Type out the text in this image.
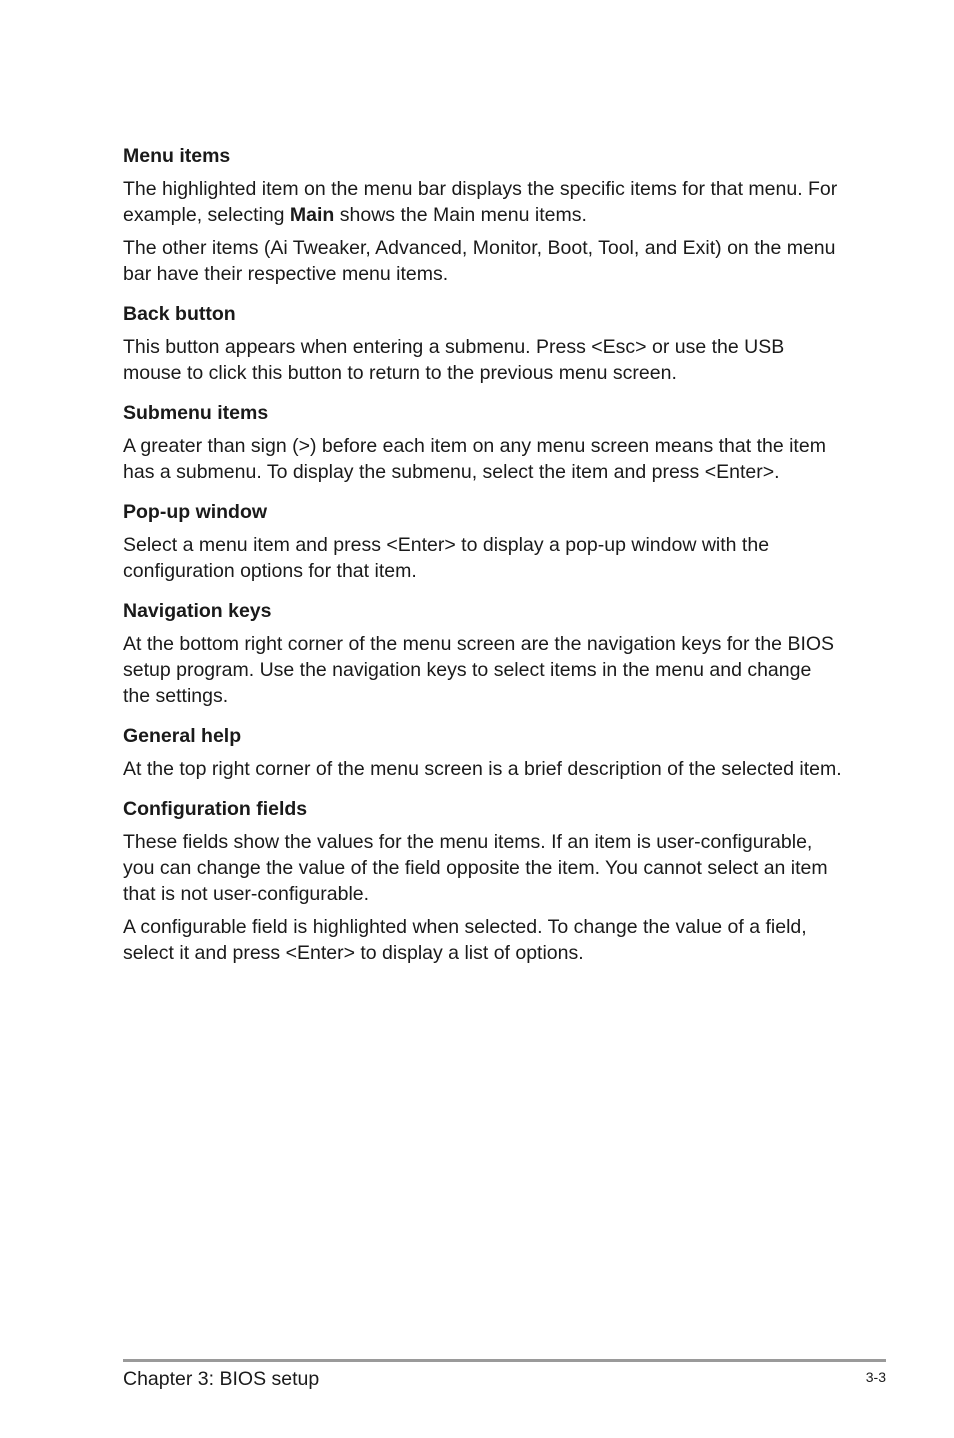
Menu items

The highlighted item on the menu bar displays the specific items for that menu. For example, selecting Main shows the Main menu items.

The other items (Ai Tweaker, Advanced, Monitor, Boot, Tool, and Exit) on the menu bar have their respective menu items.

Back button

This button appears when entering a submenu. Press <Esc> or use the USB mouse to click this button to return to the previous menu screen.

Submenu items

A greater than sign (>) before each item on any menu screen means that the item has a submenu. To display the submenu, select the item and press <Enter>.

Pop-up window

Select a menu item and press <Enter> to display a pop-up window with the configuration options for that item.

Navigation keys

At the bottom right corner of the menu screen are the navigation keys for the BIOS setup program. Use the navigation keys to select items in the menu and change the settings.

General help

At the top right corner of the menu screen is a brief description of the selected item.

Configuration fields

These fields show the values for the menu items. If an item is user-configurable, you can change the value of the field opposite the item. You cannot select an item that is not user-configurable.

A configurable field is highlighted when selected. To change the value of a field, select it and press <Enter> to display a list of options.

Chapter 3: BIOS setup	3-3
